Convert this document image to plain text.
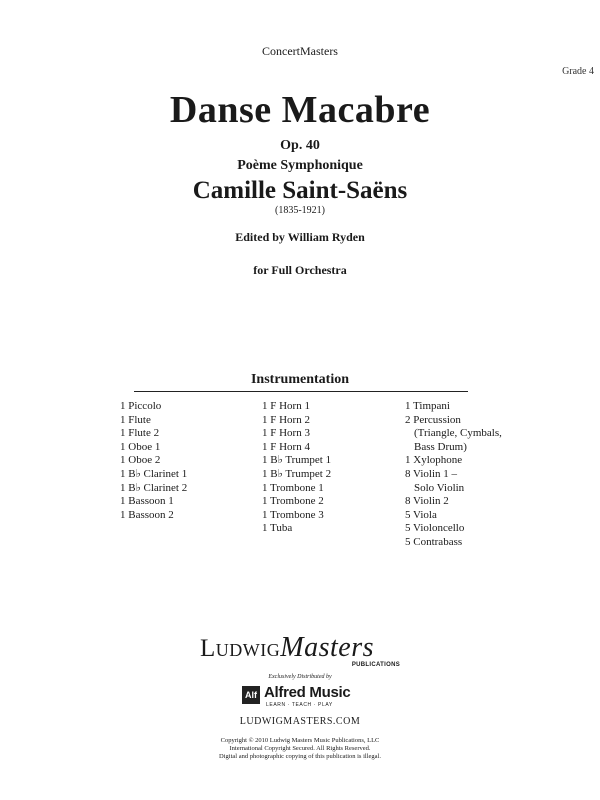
ConcertMasters
Grade 4
Danse Macabre
Op. 40
Poème Symphonique
Camille Saint-Saëns
(1835-1921)
Edited by William Ryden
for Full Orchestra
Instrumentation
1 Piccolo
1 Flute
1 Flute 2
1 Oboe 1
1 Oboe 2
1 B♭ Clarinet 1
1 B♭ Clarinet 2
1 Bassoon 1
1 Bassoon 2
1 F Horn 1
1 F Horn 2
1 F Horn 3
1 F Horn 4
1 B♭ Trumpet 1
1 B♭ Trumpet 2
1 Trombone 1
1 Trombone 2
1 Trombone 3
1 Tuba
1 Timpani
2 Percussion
(Triangle, Cymbals,
Bass Drum)
1 Xylophone
8 Violin 1 –
Solo Violin
8 Violin 2
5 Viola
5 Violoncello
5 Contrabass
LudwigMasters
PUBLICATIONS
Exclusively Distributed by
Alf Alfred Music
LEARN · TEACH · PLAY
LUDWIGMASTERS.COM
Copyright © 2010 Ludwig Masters Music Publications, LLC
International Copyright Secured. All Rights Reserved.
Digital and photographic copying of this publication is illegal.
